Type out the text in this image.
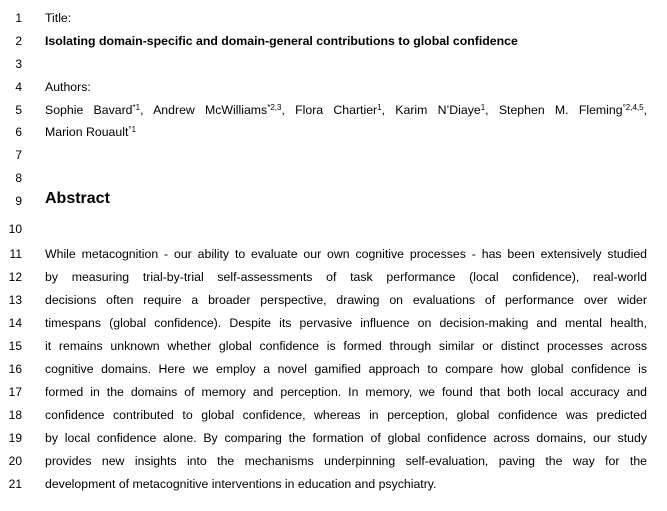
1
2
3
4
5
6
7
8
9
10
11
12
13
14
15
16
17
18
19
20
21
Title:
Isolating domain-specific and domain-general contributions to global confidence
Authors:
Sophie Bavard$^{*1}$, Andrew McWilliams$^{*2,3}$, Flora Chartier$^1$, Karim N’Diaye$^1$, Stephen M. Fleming$^{^\circ 2,4,5}$,
Marion Rouault$^{^\circ 1}$
Abstract
While metacognition - our ability to evaluate our own cognitive processes - has been extensively studied
by measuring trial-by-trial self-assessments of task performance (local confidence), real-world
decisions often require a broader perspective, drawing on evaluations of performance over wider
timespans (global confidence). Despite its pervasive influence on decision-making and mental health,
it remains unknown whether global confidence is formed through similar or distinct processes across
cognitive domains. Here we employ a novel gamified approach to compare how global confidence is
formed in the domains of memory and perception. In memory, we found that both local accuracy and
confidence contributed to global confidence, whereas in perception, global confidence was predicted
by local confidence alone. By comparing the formation of global confidence across domains, our study
provides new insights into the mechanisms underpinning self-evaluation, paving the way for the
development of metacognitive interventions in education and psychiatry.
